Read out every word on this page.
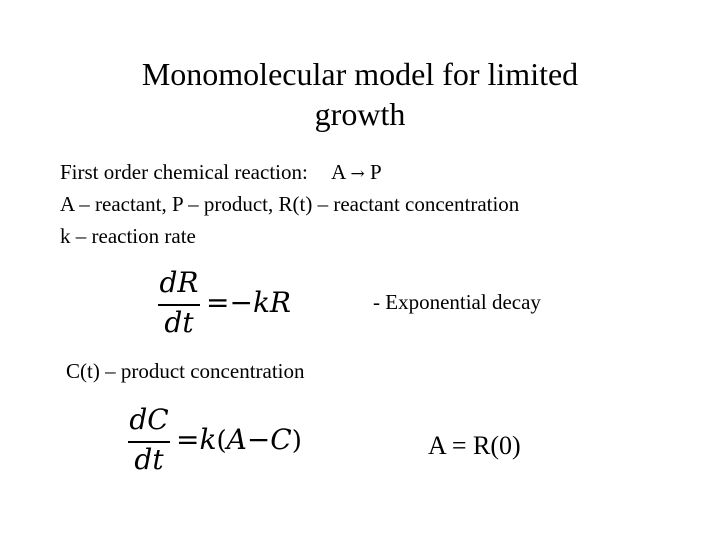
Monomolecular model for limited
growth
First order chemical reaction: A → P
A – reactant, P – product, R(t) – reactant concentration
k – reaction rate
dR
dt
=−kR	- Exponential decay
C(t) – product concentration
dC
dt
=k(A−C)	A = R(0)
